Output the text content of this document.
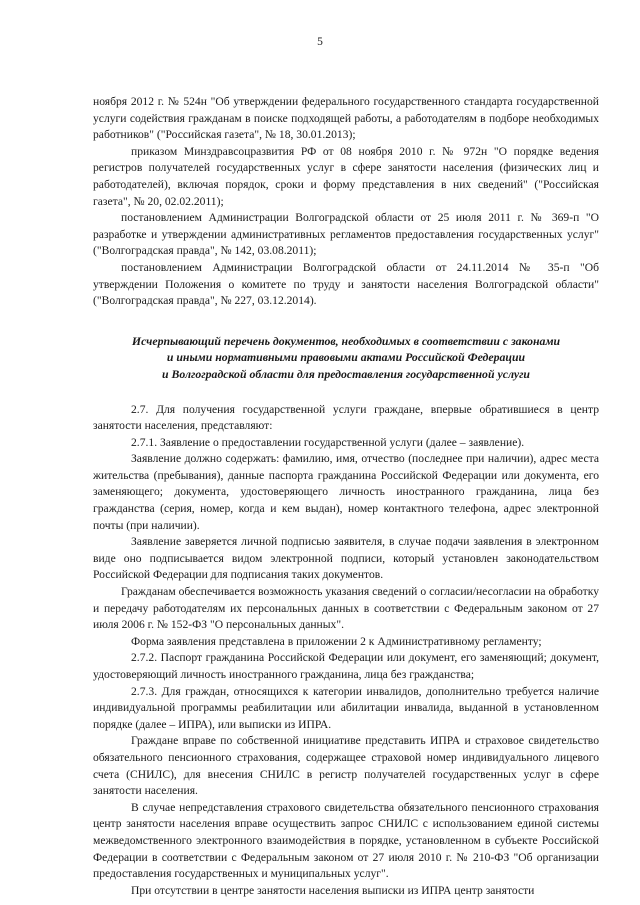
5

ноября 2012 г. № 524н "Об утверждении федерального государственного стандарта государственной услуги содействия гражданам в поиске подходящей работы, а работодателям в подборе необходимых работников" ("Российская газета", № 18, 30.01.2013);

приказом Минздравсоцразвития РФ от 08 ноября 2010 г. № 972н "О порядке ведения регистров получателей государственных услуг в сфере занятости населения (физических лиц и работодателей), включая порядок, сроки и форму представления в них сведений" ("Российская газета", № 20, 02.02.2011);

постановлением Администрации Волгоградской области от 25 июля 2011 г. № 369-п "О разработке и утверждении административных регламентов предоставления государственных услуг" ("Волгоградская правда", № 142, 03.08.2011);

постановлением Администрации Волгоградской области от 24.11.2014 № 35-п "Об утверждении Положения о комитете по труду и занятости населения Волгоградской области" ("Волгоградская правда", № 227, 03.12.2014).

Исчерпывающий перечень документов, необходимых в соответствии с законами
и иными нормативными правовыми актами Российской Федерации
и Волгоградской области для предоставления государственной услуги

2.7. Для получения государственной услуги граждане, впервые обратившиеся в центр занятости населения, представляют:

2.7.1. Заявление о предоставлении государственной услуги (далее – заявление).

Заявление должно содержать: фамилию, имя, отчество (последнее при наличии), адрес места жительства (пребывания), данные паспорта гражданина Российской Федерации или документа, его заменяющего; документа, удостоверяющего личность иностранного гражданина, лица без гражданства (серия, номер, когда и кем выдан), номер контактного телефона, адрес электронной почты (при наличии).

Заявление заверяется личной подписью заявителя, в случае подачи заявления в электронном виде оно подписывается видом электронной подписи, который установлен законодательством Российской Федерации для подписания таких документов.

Гражданам обеспечивается возможность указания сведений о согласии/несогласии на обработку и передачу работодателям их персональных данных в соответствии с Федеральным законом от 27 июля 2006 г. № 152-ФЗ "О персональных данных".

Форма заявления представлена в приложении 2 к Административному регламенту;

2.7.2. Паспорт гражданина Российской Федерации или документ, его заменяющий; документ, удостоверяющий личность иностранного гражданина, лица без гражданства;

2.7.3. Для граждан, относящихся к категории инвалидов, дополнительно требуется наличие индивидуальной программы реабилитации или абилитации инвалида, выданной в установленном порядке (далее – ИПРА), или выписки из ИПРА.

Граждане вправе по собственной инициативе представить ИПРА и страховое свидетельство обязательного пенсионного страхования, содержащее страховой номер индивидуального лицевого счета (СНИЛС), для внесения СНИЛС в регистр получателей государственных услуг в сфере занятости населения.

В случае непредставления страхового свидетельства обязательного пенсионного страхования центр занятости населения вправе осуществить запрос СНИЛС с использованием единой системы межведомственного электронного взаимодействия в порядке, установленном в субъекте Российской Федерации в соответствии с Федеральным законом от 27 июля 2010 г. № 210-ФЗ "Об организации предоставления государственных и муниципальных услуг".

При отсутствии в центре занятости населения выписки из ИПРА центр занятости
